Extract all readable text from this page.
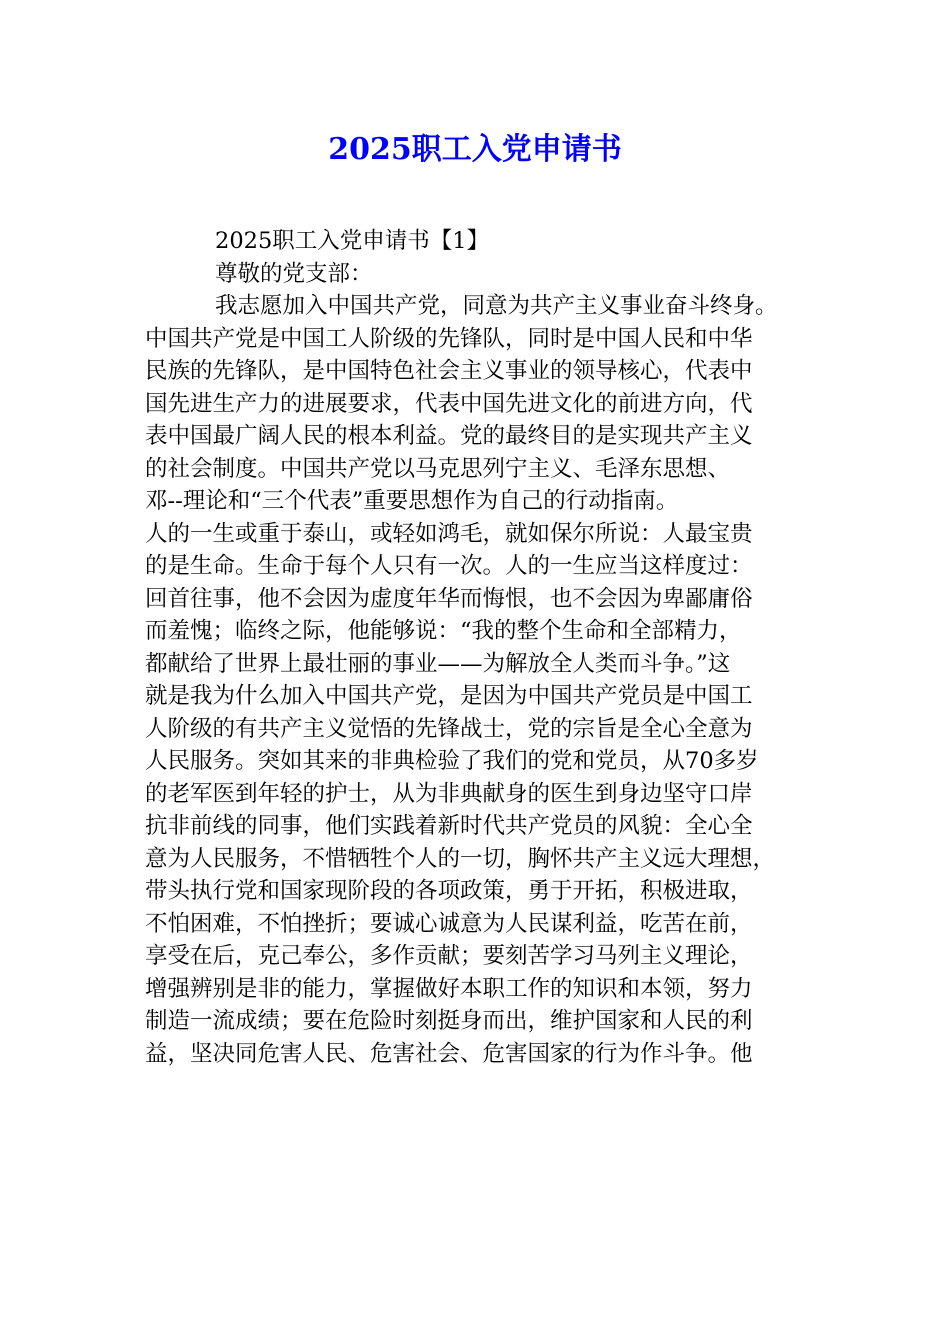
2025职工入党申请书
2025职工入党申请书【1】
尊敬的党支部：
我志愿加入中国共产党，同意为共产主义事业奋斗终身。
中国共产党是中国工人阶级的先锋队，同时是中国人民和中华
民族的先锋队，是中国特色社会主义事业的领导核心，代表中
国先进生产力的进展要求，代表中国先进文化的前进方向，代
表中国最广阔人民的根本利益。党的最终目的是实现共产主义
的社会制度。中国共产党以马克思列宁主义、毛泽东思想、
邓--理论和“三个代表”重要思想作为自己的行动指南。
人的一生或重于泰山，或轻如鸿毛，就如保尔所说：人最宝贵
的是生命。生命于每个人只有一次。人的一生应当这样度过：
回首往事，他不会因为虚度年华而悔恨，也不会因为卑鄙庸俗
而羞愧；临终之际，他能够说：“我的整个生命和全部精力，
都献给了世界上最壮丽的事业——为解放全人类而斗争。”这
就是我为什么加入中国共产党，是因为中国共产党员是中国工
人阶级的有共产主义觉悟的先锋战士，党的宗旨是全心全意为
人民服务。突如其来的非典检验了我们的党和党员，从70多岁
的老军医到年轻的护士，从为非典献身的医生到身边坚守口岸
抗非前线的同事，他们实践着新时代共产党员的风貌：全心全
意为人民服务，不惜牺牲个人的一切，胸怀共产主义远大理想，
带头执行党和国家现阶段的各项政策，勇于开拓，积极进取，
不怕困难，不怕挫折；要诚心诚意为人民谋利益，吃苦在前，
享受在后，克己奉公，多作贡献；要刻苦学习马列主义理论，
增强辨别是非的能力，掌握做好本职工作的知识和本领，努力
制造一流成绩；要在危险时刻挺身而出，维护国家和人民的利
益，坚决同危害人民、危害社会、危害国家的行为作斗争。他
